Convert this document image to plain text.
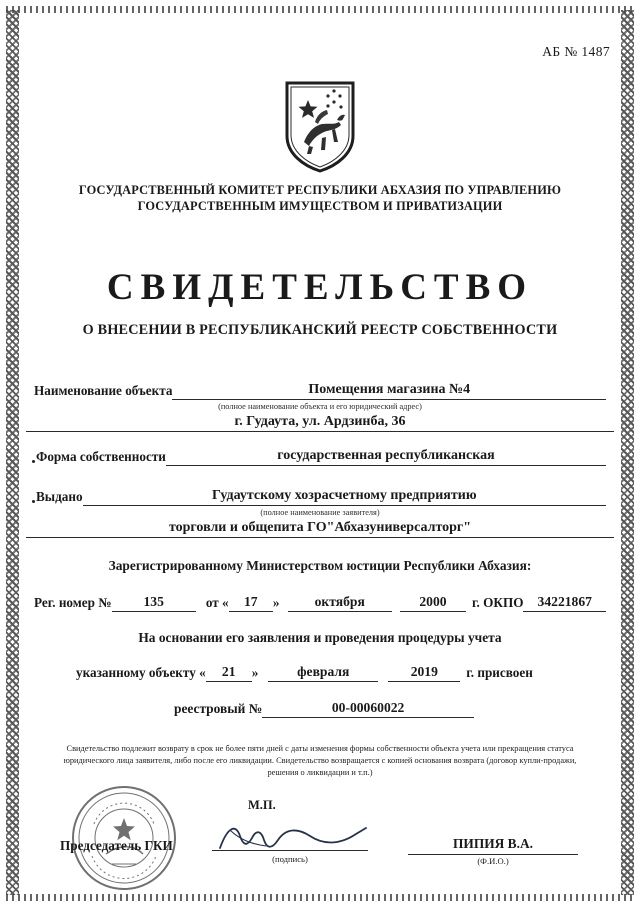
АБ № 1487
ГОСУДАРСТВЕННЫЙ КОМИТЕТ РЕСПУБЛИКИ АБХАЗИЯ ПО УПРАВЛЕНИЮ ГОСУДАРСТВЕННЫМ ИМУЩЕСТВОМ И ПРИВАТИЗАЦИИ
СВИДЕТЕЛЬСТВО
О ВНЕСЕНИИ В РЕСПУБЛИКАНСКИЙ РЕЕСТР СОБСТВЕННОСТИ
Наименование объекта	Помещения магазина №4
(полное наименование объекта и его юридический адрес)
г. Гудаута, ул. Ардзинба, 36
Форма собственности	государственная республиканская
Выдано	Гудаутскому хозрасчетному предприятию
(полное наименование заявителя)
торговли и общепита ГО"Абхазуниверсалторг"
Зарегистрированному Министерством юстиции Республики Абхазия:
Рег. номер №	135	от «	17	»	октября	2000	г. ОКПО	34221867
На основании его заявления и проведения процедуры учета
указанному объекту «	21	»	февраля	2019	г. присвоен
реестровый №	00-00060022
Свидетельство подлежит возврату в срок не более пяти дней с даты изменения формы собственности объекта учета или прекращения статуса юридического лица заявителя, либо после его ликвидации. Свидетельство возвращается с копией основания возврата (договор купли-продажи, решения о ликвидации и т.п.)
М.П.
Председатель ГКИ
(подпись)
ПИПИЯ В.А.
(Ф.И.О.)
